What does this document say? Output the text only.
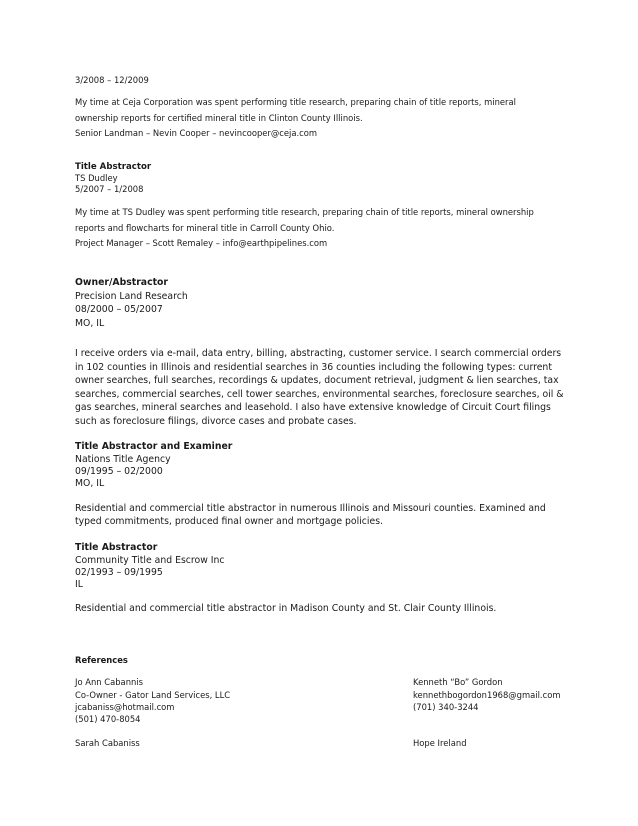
3/2008 – 12/2009
My time at Ceja Corporation was spent performing title research, preparing chain of title reports, mineral ownership reports for certified mineral title in Clinton County Illinois.
Senior Landman – Nevin Cooper – nevincooper@ceja.com
Title Abstractor
TS Dudley
5/2007 – 1/2008
My time at TS Dudley was spent performing title research, preparing chain of title reports, mineral ownership reports and flowcharts for mineral title in Carroll County Ohio.
Project Manager – Scott Remaley – info@earthpipelines.com
Owner/Abstractor
Precision Land Research
08/2000 – 05/2007
MO, IL
I receive orders via e-mail, data entry, billing, abstracting, customer service. I search commercial orders in 102 counties in Illinois and residential searches in 36 counties including the following types: current owner searches, full searches, recordings & updates, document retrieval, judgment & lien searches, tax searches, commercial searches, cell tower searches, environmental searches, foreclosure searches, oil & gas searches, mineral searches and leasehold. I also have extensive knowledge of Circuit Court filings such as foreclosure filings, divorce cases and probate cases.
Title Abstractor and Examiner
Nations Title Agency
09/1995 – 02/2000
MO, IL
Residential and commercial title abstractor in numerous Illinois and Missouri counties. Examined and typed commitments, produced final owner and mortgage policies.
Title Abstractor
Community Title and Escrow Inc
02/1993 – 09/1995
IL
Residential and commercial title abstractor in Madison County and St. Clair County Illinois.
References
Jo Ann Cabannis
Co-Owner - Gator Land Services, LLC
jcabaniss@hotmail.com
(501) 470-8054
Sarah Cabaniss
Kenneth “Bo” Gordon
kennethbogordon1968@gmail.com
(701) 340-3244
Hope Ireland
